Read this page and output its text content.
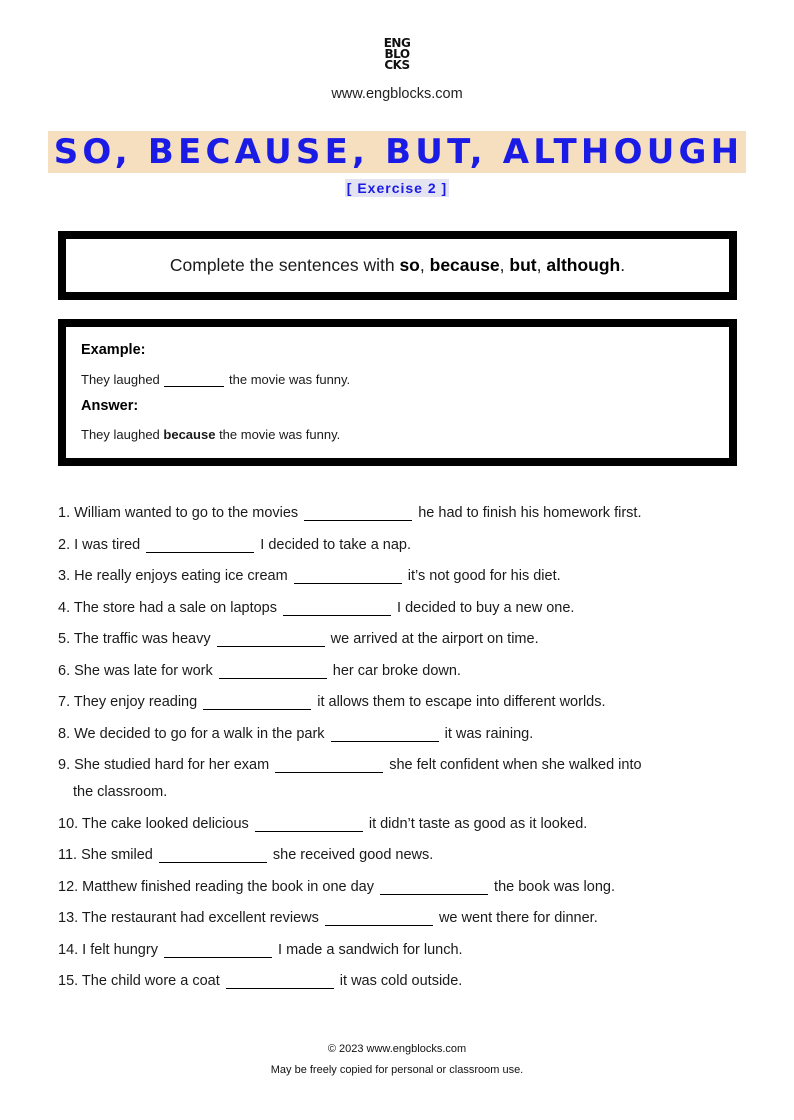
ENG
BLO
CKS
www.engblocks.com
SO, BECAUSE, BUT, ALTHOUGH
[ Exercise 2 ]
Complete the sentences with so, because, but, although.
Example:
They laughed	the movie was funny.
Answer:
They laughed because the movie was funny.
1. William wanted to go to the movies	he had to finish his homework first.
2. I was tired	I decided to take a nap.
3. He really enjoys eating ice cream	it’s not good for his diet.
4. The store had a sale on laptops	I decided to buy a new one.
5. The traffic was heavy	we arrived at the airport on time.
6. She was late for work	her car broke down.
7. They enjoy reading	it allows them to escape into different worlds.
8. We decided to go for a walk in the park	it was raining.
9. She studied hard for her exam	she felt confident when she walked into
the classroom.
10. The cake looked delicious	it didn’t taste as good as it looked.
11. She smiled	she received good news.
12. Matthew finished reading the book in one day	the book was long.
13. The restaurant had excellent reviews	we went there for dinner.
14. I felt hungry	I made a sandwich for lunch.
15. The child wore a coat	it was cold outside.
© 2023 www.engblocks.com
May be freely copied for personal or classroom use.
